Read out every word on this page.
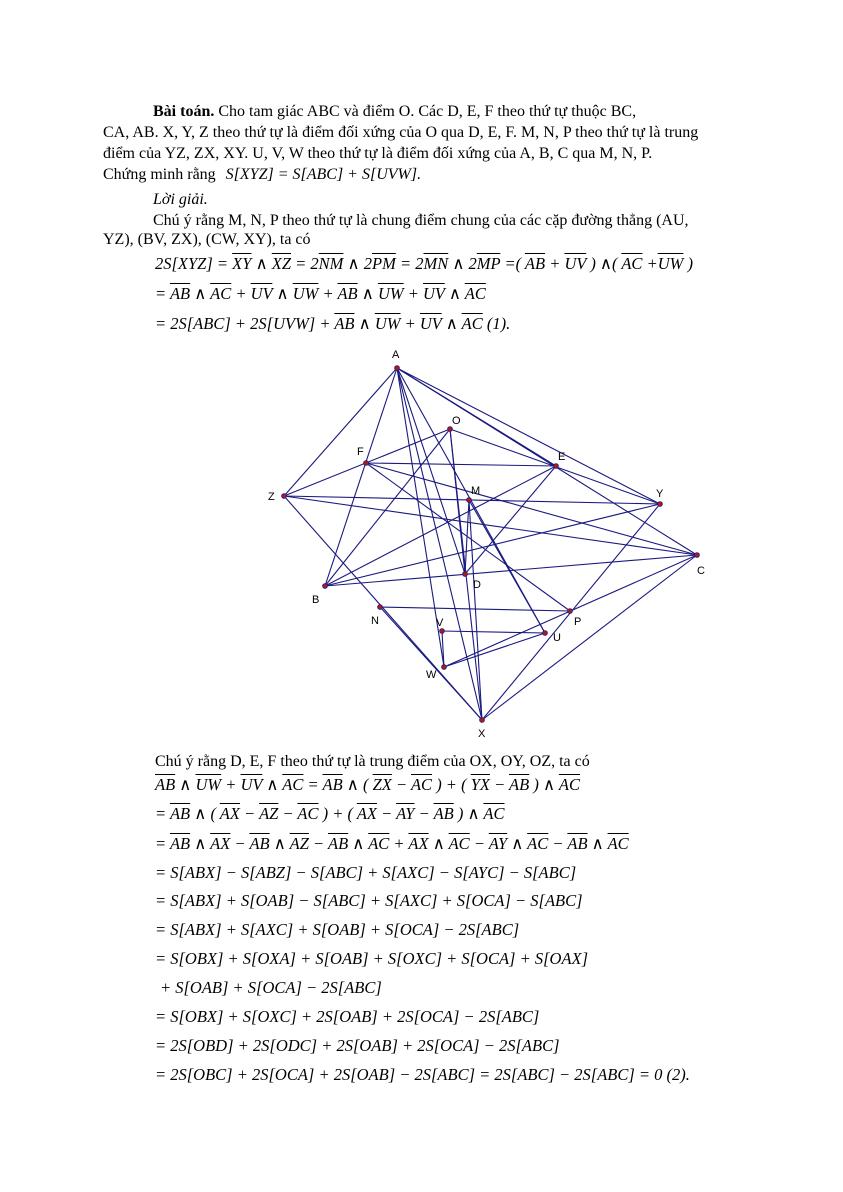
Bài toán. Cho tam giác ABC và điểm O. Các D, E, F theo thứ tự thuộc BC,
CA, AB. X, Y, Z theo thứ tự là điểm đối xứng của O qua D, E, F. M, N, P theo thứ tự là trung
điểm của YZ, ZX, XY. U, V, W theo thứ tự là điểm đối xứng của A, B, C qua M, N, P.
Chứng minh rằng S[XYZ] = S[ABC] + S[UVW].
Lời giải.
Chú ý rằng M, N, P theo thứ tự là chung điểm chung của các cặp đường thẳng (AU,
YZ), (BV, ZX), (CW, XY), ta có
$2S[XYZ] = \overline{XY}$ ∧ $\overline{XZ} = 2\overline{NM}$ ∧ $2\overline{PM} = 2\overline{MN}$ ∧ $2\overline{MP}$ =( $\overline{AB} + \overline{UV}$ ) ∧( $\overline{AC} +\overline{UW}$ )
= $\overline{AB}$ ∧ $\overline{AC} + \overline{UV}$ ∧ $\overline{UW} + \overline{AB}$ ∧ $\overline{UW} + \overline{UV}$ ∧ $\overline{AC}$
= $2S[ABC] + 2S[UVW] + \overline{AB}$ ∧ $\overline{UW} + \overline{UV}$ ∧ $\overline{AC}$ (1).
A
B
C
O
D
E
F
X
Y
Z	M
N	P
U
V
W
Chú ý rằng D, E, F theo thứ tự là trung điểm của OX, OY, OZ, ta có
$\overline{AB}$ ∧ $\overline{UW} + \overline{UV}$ ∧ $\overline{AC} = \overline{AB}$ ∧ ( $\overline{ZX} - \overline{AC}$ ) + ( $\overline{YX} - \overline{AB}$ ) ∧ $\overline{AC}$
= $\overline{AB}$ ∧ ( $\overline{AX} - \overline{AZ} - \overline{AC}$ ) + ( $\overline{AX} - \overline{AY} - \overline{AB}$ ) ∧ $\overline{AC}$
= $\overline{AB}$ ∧ $\overline{AX} - \overline{AB}$ ∧ $\overline{AZ} - \overline{AB}$ ∧ $\overline{AC} + \overline{AX}$ ∧ $\overline{AC} - \overline{AY}$ ∧ $\overline{AC} - \overline{AB}$ ∧ $\overline{AC}$
= S[ABX] − S[ABZ] − S[ABC] + S[AXC] − S[AYC] − S[ABC]
= S[ABX] + S[OAB] − S[ABC] + S[AXC] + S[OCA] − S[ABC]
= S[ABX] + S[AXC] + S[OAB] + S[OCA] − 2S[ABC]
= S[OBX] + S[OXA] + S[OAB] + S[OXC] + S[OCA] + S[OAX]
+ S[OAB] + S[OCA] − 2S[ABC]
= S[OBX] + S[OXC] + 2S[OAB] + 2S[OCA] − 2S[ABC]
= 2S[OBD] + 2S[ODC] + 2S[OAB] + 2S[OCA] − 2S[ABC]
= 2S[OBC] + 2S[OCA] + 2S[OAB] − 2S[ABC] = 2S[ABC] − 2S[ABC] = 0 (2).
